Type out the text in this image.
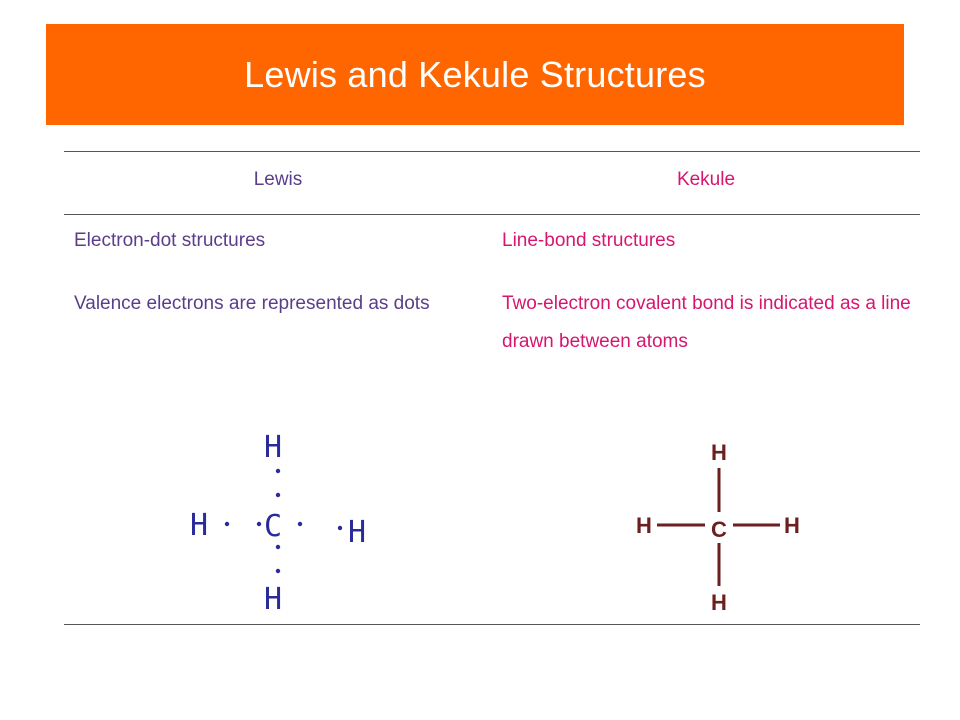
Lewis and Kekule Structures
Lewis	Kekule
Electron-dot structures	Line-bond structures
Valence electrons are represented as dots	Two-electron covalent bond is indicated as a line drawn between atoms
H
C
H
H	H
H
C
H
H	H
